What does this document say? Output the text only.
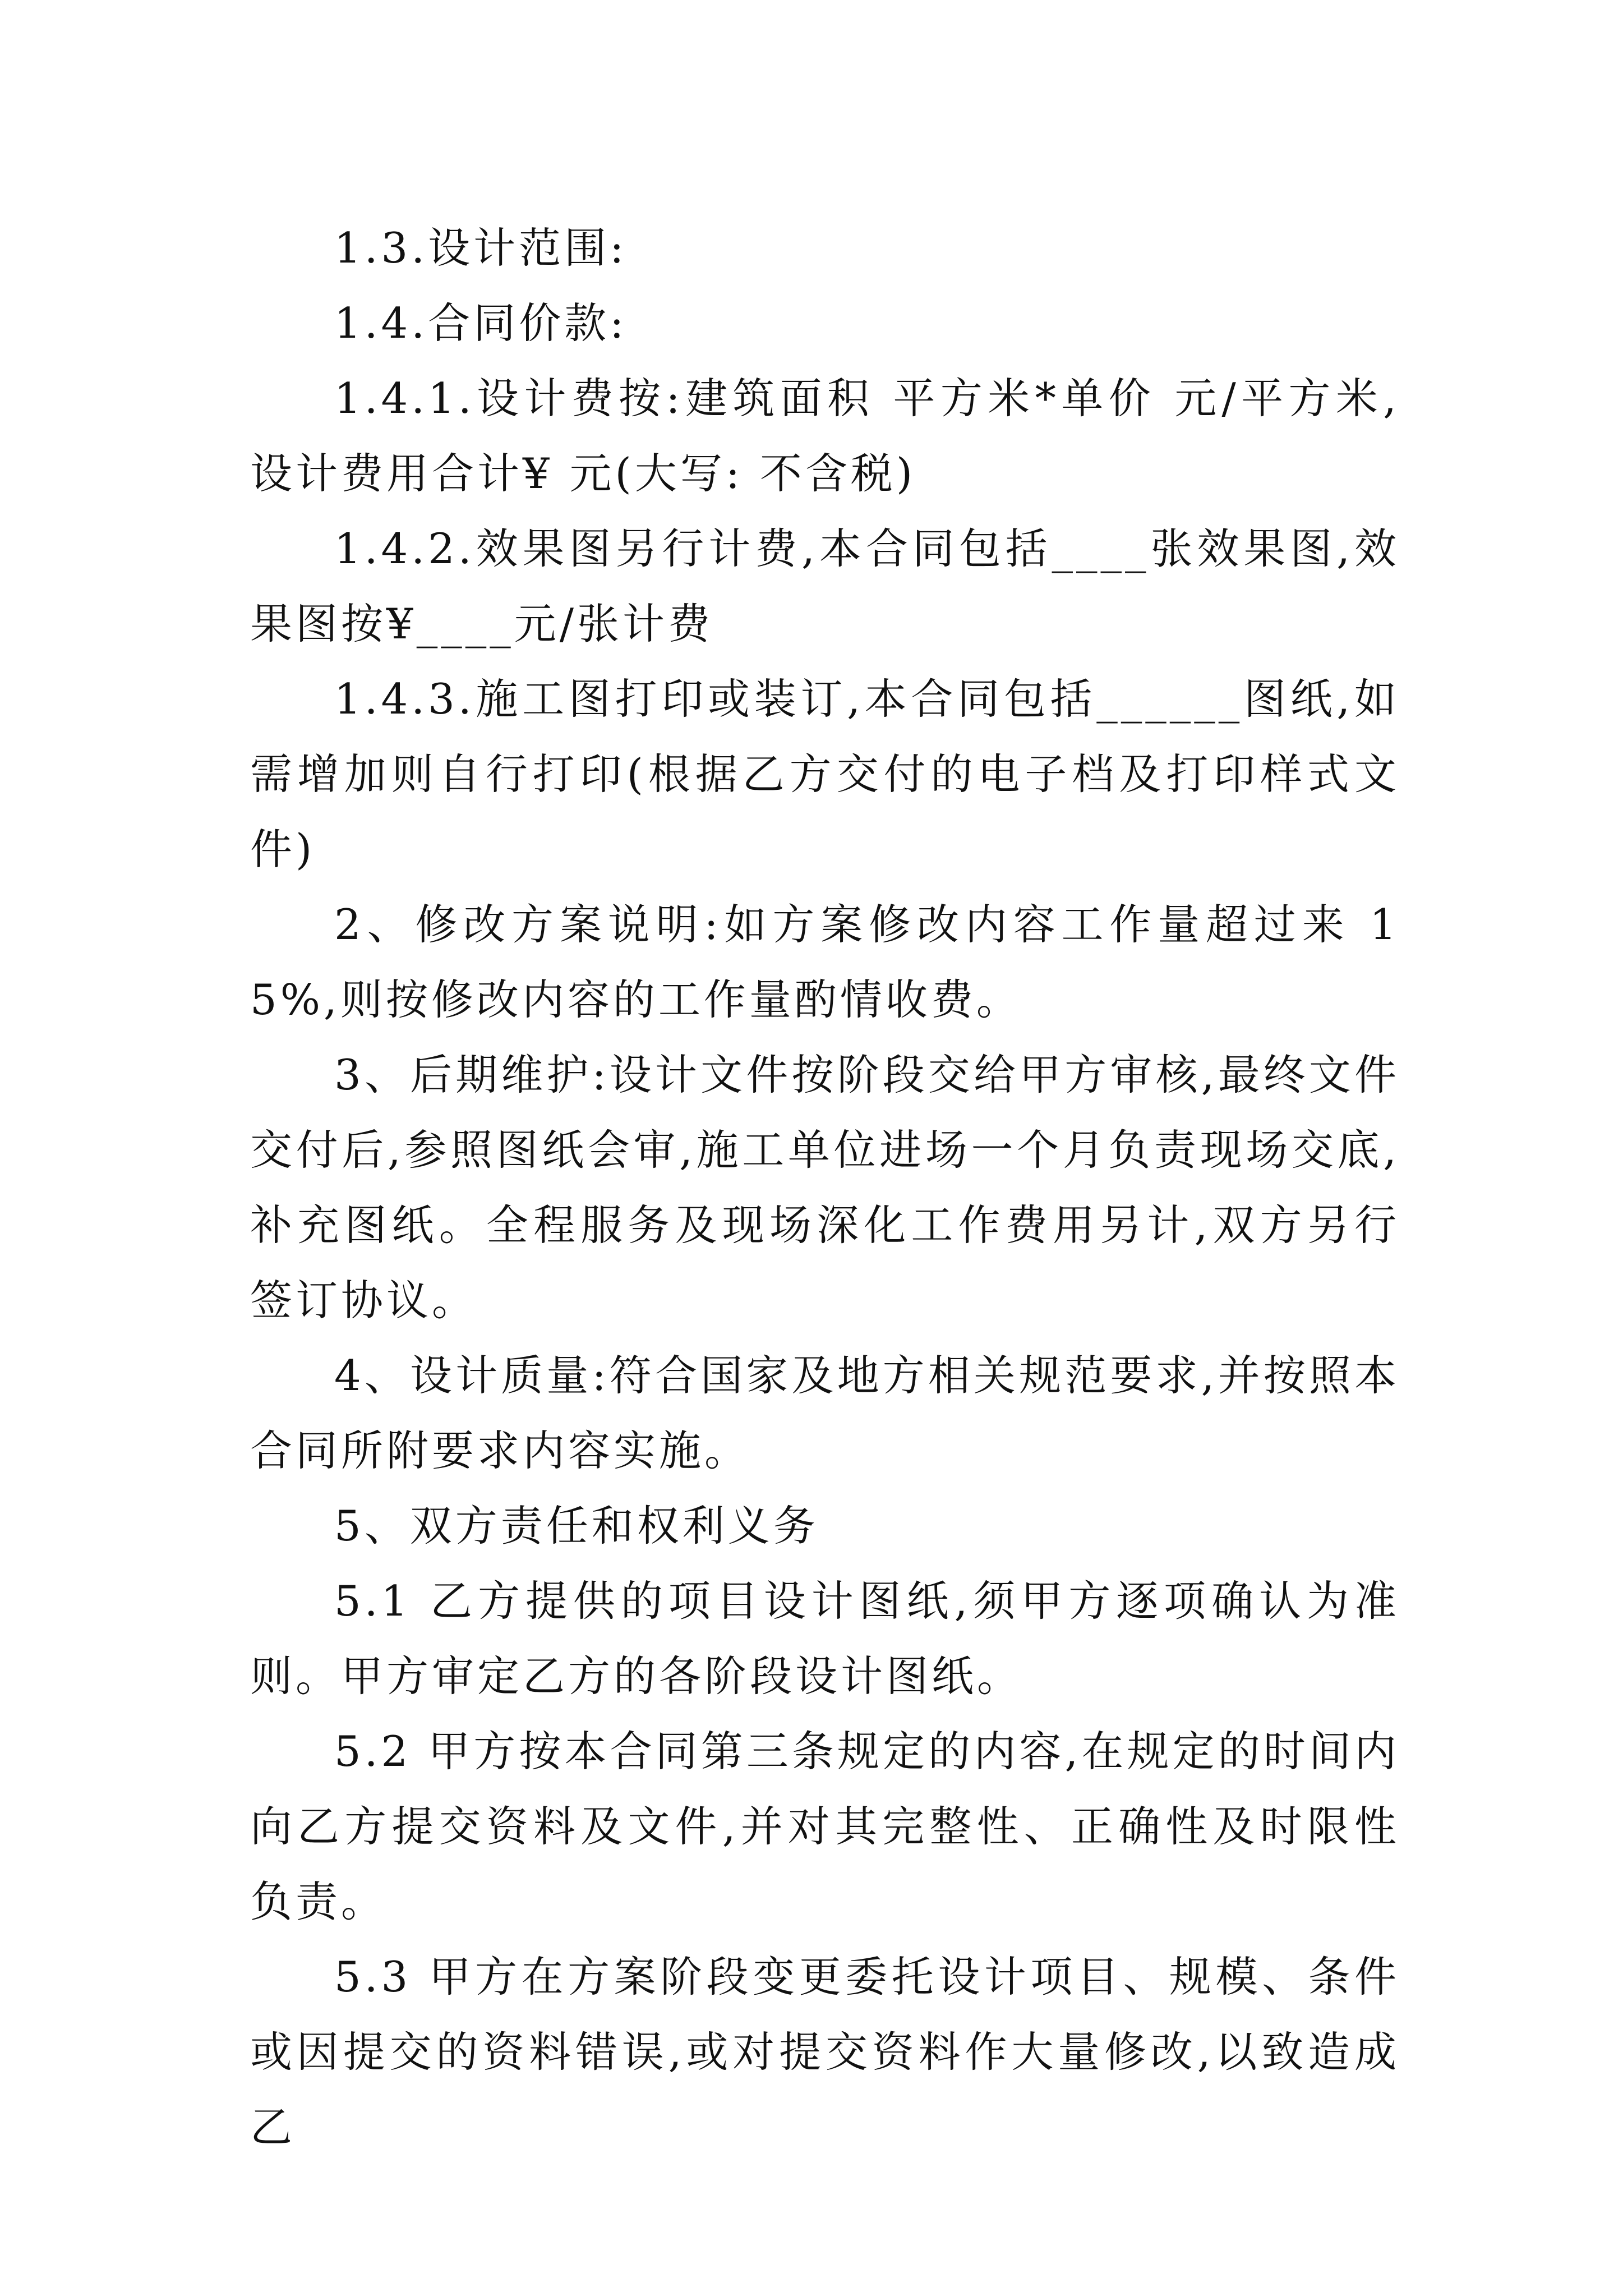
1.3.设计范围:

1.4.合同价款:

1.4.1.设计费按:建筑面积 平方米*单价 元/平方米,设计费用合计¥ 元(大写: 不含税)

1.4.2.效果图另行计费,本合同包括____张效果图,效果图按¥____元/张计费

1.4.3.施工图打印或装订,本合同包括______图纸,如需增加则自行打印(根据乙方交付的电子档及打印样式文件)

2、修改方案说明:如方案修改内容工作量超过来 15%,则按修改内容的工作量酌情收费。

3、后期维护:设计文件按阶段交给甲方审核,最终文件交付后,参照图纸会审,施工单位进场一个月负责现场交底,补充图纸。全程服务及现场深化工作费用另计,双方另行签订协议。

4、设计质量:符合国家及地方相关规范要求,并按照本合同所附要求内容实施。

5、双方责任和权利义务

5.1 乙方提供的项目设计图纸,须甲方逐项确认为准则。甲方审定乙方的各阶段设计图纸。

5.2 甲方按本合同第三条规定的内容,在规定的时间内向乙方提交资料及文件,并对其完整性、正确性及时限性负责。

5.3 甲方在方案阶段变更委托设计项目、规模、条件或因提交的资料错误,或对提交资料作大量修改,以致造成乙
